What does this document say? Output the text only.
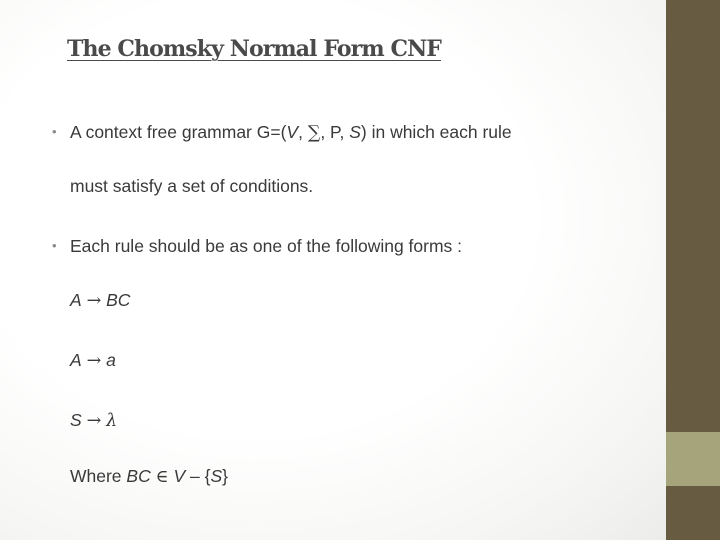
The Chomsky Normal Form CNF
• A context free grammar G=(V, ∑, P, S) in which each rule
must satisfy a set of conditions.
• Each rule should be as one of the following forms :
A → BC
A → a
S → λ
Where BC ∈ V – {S}
